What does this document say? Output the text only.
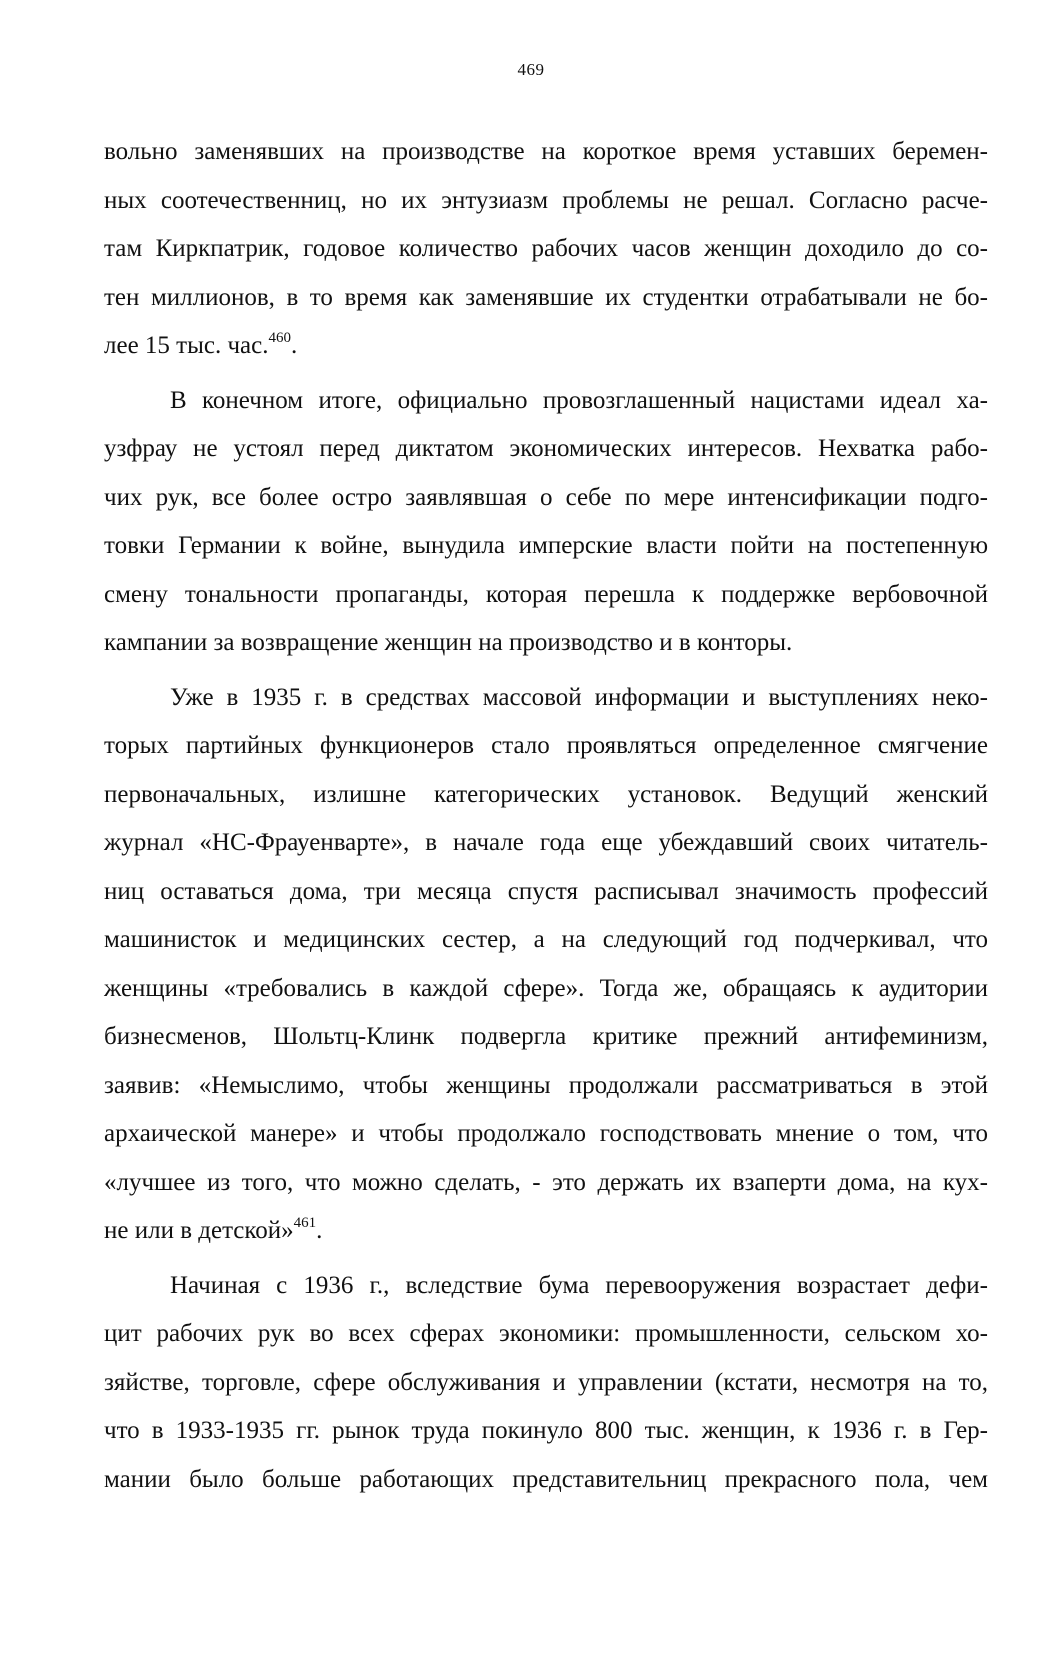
469
вольно заменявших на производстве на короткое время уставших беремен-
ных соотечественниц, но их энтузиазм проблемы не решал. Согласно расче-
там Киркпатрик, годовое количество рабочих часов женщин доходило до со-
тен миллионов, в то время как заменявшие их студентки отрабатывали не бо-
лее 15 тыс. час.$^{460}$.
В конечном итоге, официально провозглашенный нацистами идеал ха-
узфрау не устоял перед диктатом экономических интересов. Нехватка рабо-
чих рук, все более остро заявлявшая о себе по мере интенсификации подго-
товки Германии к войне, вынудила имперские власти пойти на постепенную
смену тональности пропаганды, которая перешла к поддержке вербовочной
кампании за возвращение женщин на производство и в конторы.
Уже в 1935 г. в средствах массовой информации и выступлениях неко-
торых партийных функционеров стало проявляться определенное смягчение
первоначальных, излишне категорических установок. Ведущий женский
журнал «НС-Фрауенварте», в начале года еще убеждавший своих читатель-
ниц оставаться дома, три месяца спустя расписывал значимость профессий
машинисток и медицинских сестер, а на следующий год подчеркивал, что
женщины «требовались в каждой сфере». Тогда же, обращаясь к аудитории
бизнесменов, Шольтц-Клинк подвергла критике прежний антифеминизм,
заявив: «Немыслимо, чтобы женщины продолжали рассматриваться в этой
архаической манере» и чтобы продолжало господствовать мнение о том, что
«лучшее из того, что можно сделать, - это держать их взаперти дома, на кух-
не или в детской»$^{461}$.
Начиная с 1936 г., вследствие бума перевооружения возрастает дефи-
цит рабочих рук во всех сферах экономики: промышленности, сельском хо-
зяйстве, торговле, сфере обслуживания и управлении (кстати, несмотря на то,
что в 1933-1935 гг. рынок труда покинуло 800 тыс. женщин, к 1936 г. в Гер-
мании было больше работающих представительниц прекрасного пола, чем
